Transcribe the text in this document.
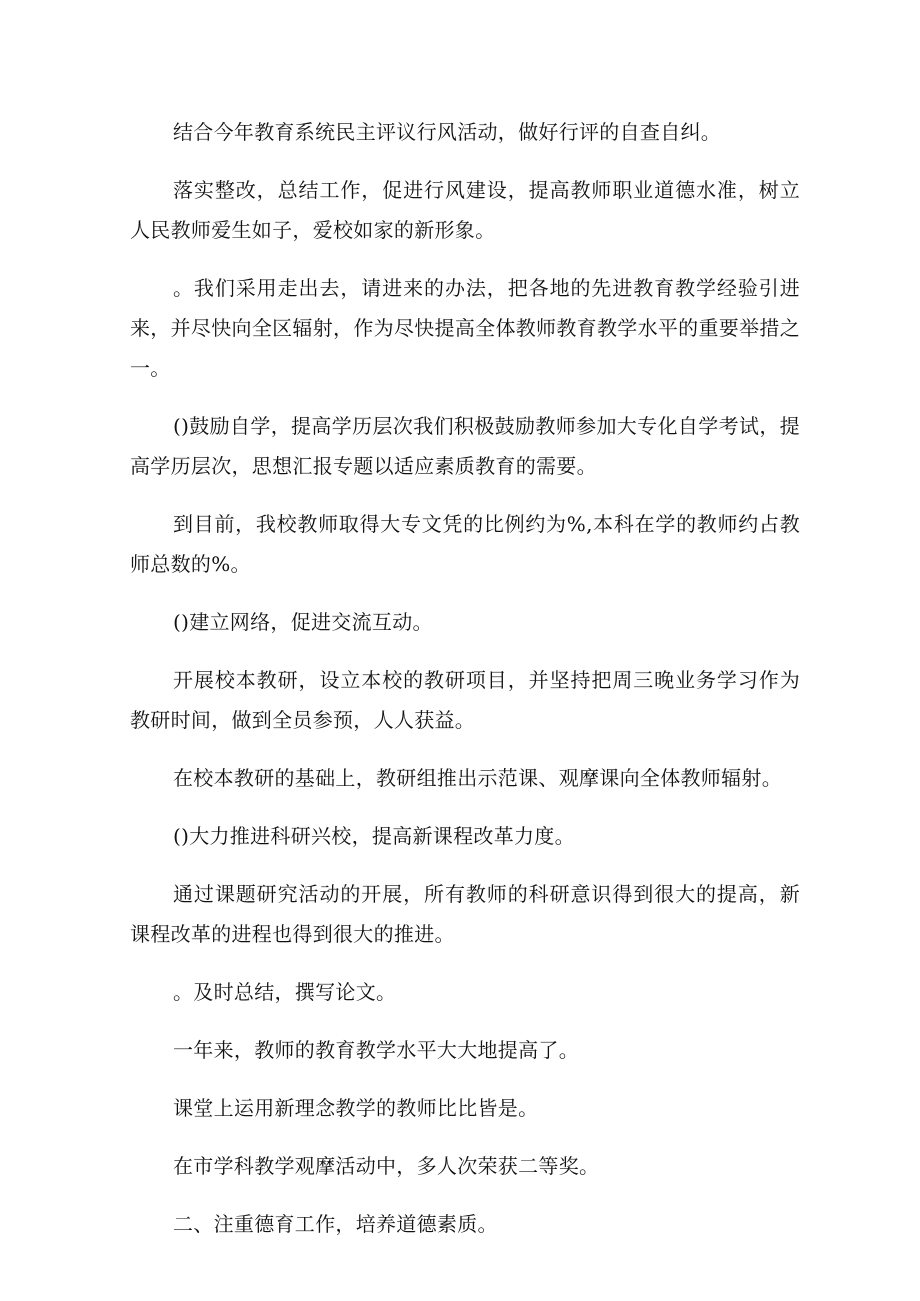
结合今年教育系统民主评议行风活动，做好行评的自查自纠。

落实整改，总结工作，促进行风建设，提高教师职业道德水准，树立人民教师爱生如子，爱校如家的新形象。

。我们采用走出去，请进来的办法，把各地的先进教育教学经验引进来，并尽快向全区辐射，作为尽快提高全体教师教育教学水平的重要举措之一。

()鼓励自学，提高学历层次我们积极鼓励教师参加大专化自学考试，提高学历层次，思想汇报专题以适应素质教育的需要。

到目前，我校教师取得大专文凭的比例约为%,本科在学的教师约占教师总数的%。

()建立网络，促进交流互动。

开展校本教研，设立本校的教研项目，并坚持把周三晚业务学习作为教研时间，做到全员参预，人人获益。

在校本教研的基础上，教研组推出示范课、观摩课向全体教师辐射。

()大力推进科研兴校，提高新课程改革力度。

通过课题研究活动的开展，所有教师的科研意识得到很大的提高，新课程改革的进程也得到很大的推进。

。及时总结，撰写论文。

一年来，教师的教育教学水平大大地提高了。

课堂上运用新理念教学的教师比比皆是。

在市学科教学观摩活动中，多人次荣获二等奖。

二、注重德育工作，培养道德素质。
